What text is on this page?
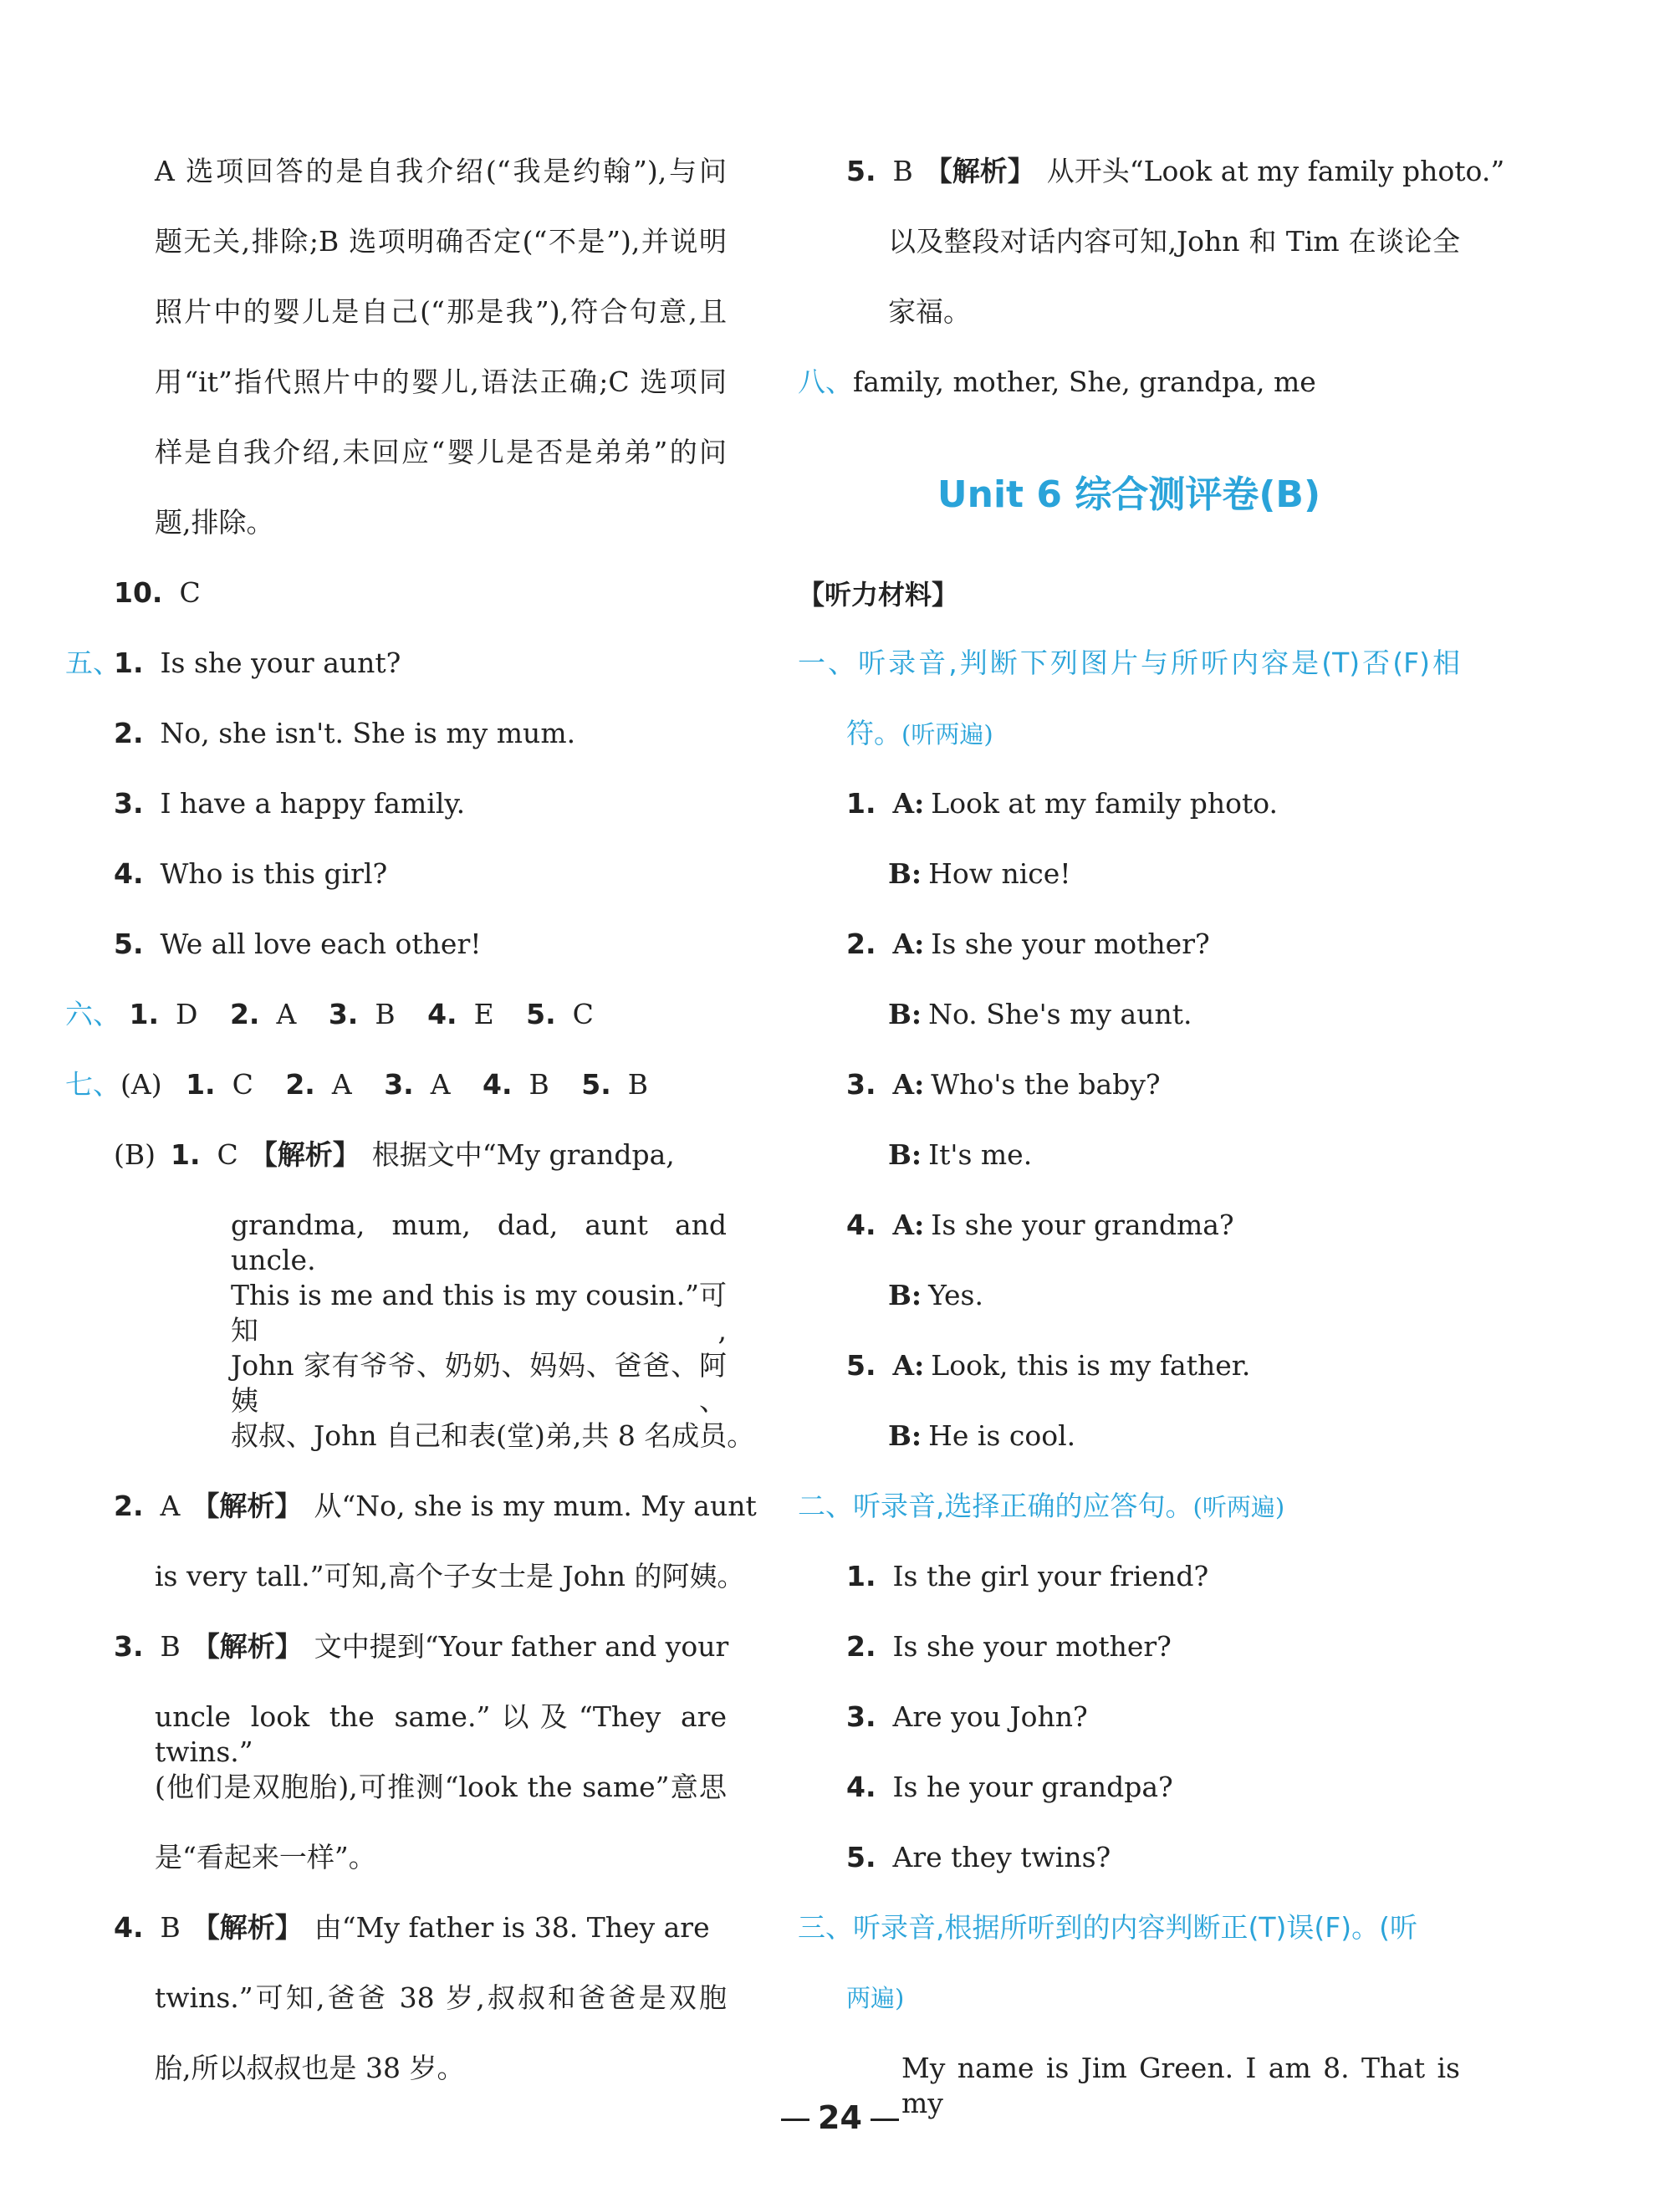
A 选项回答的是自我介绍(“我是约翰”),与问
题无关,排除;B 选项明确否定(“不是”),并说明
照片中的婴儿是自己(“那是我”),符合句意,且
用“it”指代照片中的婴儿,语法正确;C 选项同
样是自我介绍,未回应“婴儿是否是弟弟”的问
题,排除。
10. C
五、
1. Is she your aunt?
2. No, she isn't. She is my mum.
3. I have a happy family.
4. Who is this girl?
5. We all love each other!
六、 1. D 2. A 3. B 4. E 5. C
七、(A) 1. C 2. A 3. A 4. B 5. B
(B) 1. C 【解析】 根据文中“My grandpa,
grandma, mum, dad, aunt and uncle.
This is me and this is my cousin.”可知,
John 家有爷爷、奶奶、妈妈、爸爸、阿姨、
叔叔、John 自己和表(堂)弟,共 8 名成员。
2. A 【解析】 从“No, she is my mum. My aunt
is very tall.”可知,高个子女士是 John 的阿姨。
3. B 【解析】 文中提到“Your father and your
uncle look the same.”以及“They are twins.”
(他们是双胞胎),可推测“look the same”意思
是“看起来一样”。
4. B 【解析】 由“My father is 38. They are
twins.”可知,爸爸 38 岁,叔叔和爸爸是双胞
胎,所以叔叔也是 38 岁。
5. B 【解析】 从开头“Look at my family photo.”
以及整段对话内容可知,John 和 Tim 在谈论全
家福。
八、family, mother, She, grandpa, me
Unit 6 综合测评卷(B)
【听力材料】
一、听录音,判断下列图片与所听内容是(T)否(F)相
符。(听两遍)
1. A: Look at my family photo.
B: How nice!
2. A: Is she your mother?
B: No. She's my aunt.
3. A: Who's the baby?
B: It's me.
4. A: Is she your grandma?
B: Yes.
5. A: Look, this is my father.
B: He is cool.
二、听录音,选择正确的应答句。(听两遍)
1. Is the girl your friend?
2. Is she your mother?
3. Are you John?
4. Is he your grandpa?
5. Are they twins?
三、听录音,根据所听到的内容判断正(T)误(F)。(听
两遍)
My name is Jim Green. I am 8. That is my
24
